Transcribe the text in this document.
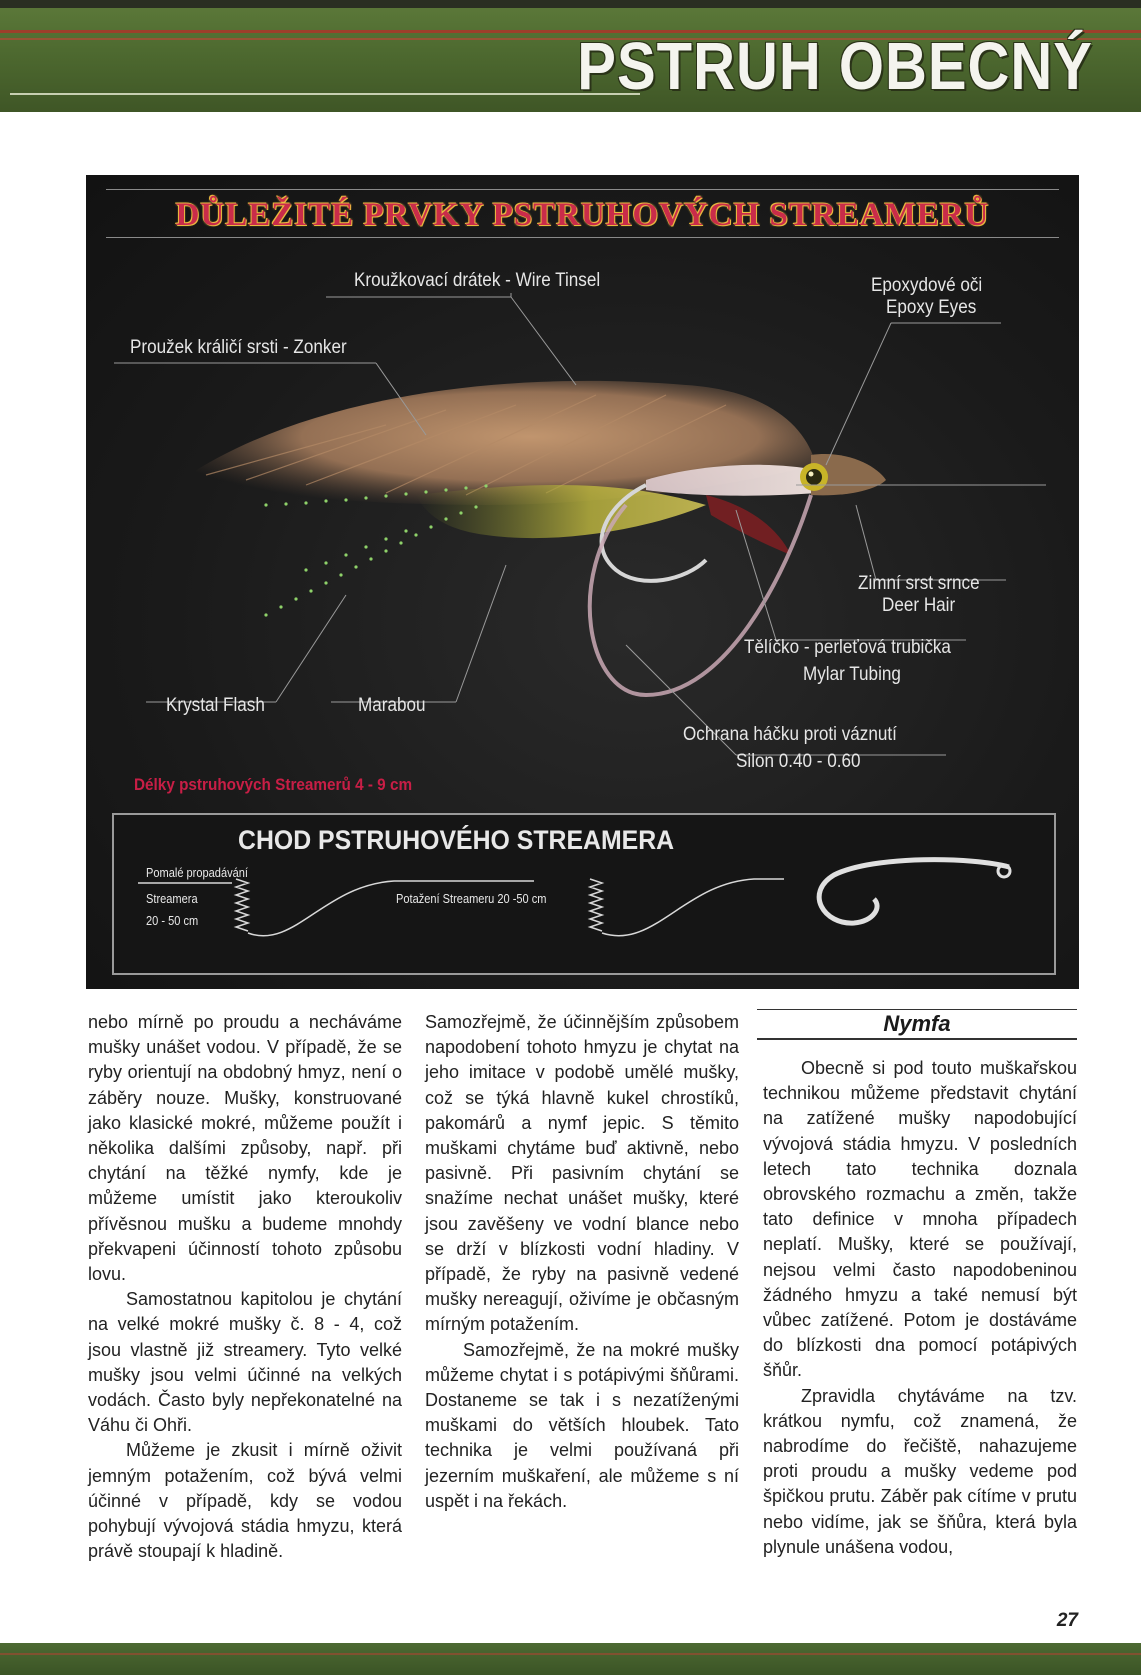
PSTRUH OBECNÝ
DŮLEŽITÉ PRVKY PSTRUHOVÝCH STREAMERŮ
Kroužkovací drátek - Wire Tinsel
Proužek králičí srsti - Zonker
Epoxydové oči
Epoxy Eyes
Zimní srst srnce
Deer Hair
Tělíčko - perleťová trubička
Mylar Tubing
Krystal Flash	Marabou
Ochrana háčku proti váznutí
Silon 0.40 - 0.60
Délky pstruhových Streamerů 4 - 9 cm
CHOD PSTRUHOVÉHO STREAMERA
Pomalé propadávání
Streamera
20 - 50 cm
Potažení Streameru 20 -50 cm

nebo mírně po proudu a necháváme mušky unášet vodou. V případě, že se ryby orientují na obdobný hmyz, není o záběry nouze. Mušky, konstruované jako klasické mokré, můžeme použít i několika dalšími způsoby, např. při chytání na těžké nymfy, kde je můžeme umístit jako kteroukoliv přívěsnou mušku a budeme mnohdy překvapeni účinností tohoto způsobu lovu.

Samostatnou kapitolou je chytání na velké mokré mušky č. 8 - 4, což jsou vlastně již streamery. Tyto velké mušky jsou velmi účinné na velkých vodách. Často byly nepřekonatelné na Váhu či Ohři.

Můžeme je zkusit i mírně oživit jemným potažením, což bývá velmi účinné v případě, kdy se vodou pohybují vývojová stádia hmyzu, která právě stoupají k hladině.

Samozřejmě, že účinnějším způsobem napodobení tohoto hmyzu je chytat na jeho imitace v podobě umělé mušky, což se týká hlavně kukel chrostíků, pakomárů a nymf jepic. S těmito muškami chytáme buď aktivně, nebo pasivně. Při pasivním chytání se snažíme nechat unášet mušky, které jsou zavěšeny ve vodní blance nebo se drží v blízkosti vodní hladiny. V případě, že ryby na pasivně vedené mušky nereagují, oživíme je občasným mírným potažením.

Samozřejmě, že na mokré mušky můžeme chytat i s potápivými šňůrami. Dostaneme se tak i s nezatíženými muškami do větších hloubek. Tato technika je velmi používaná při jezerním muškaření, ale můžeme s ní uspět i na řekách.

Nymfa

Obecně si pod touto muškařskou technikou můžeme představit chytání na zatížené mušky napodobující vývojová stádia hmyzu. V posledních letech tato technika doznala obrovského rozmachu a změn, takže tato definice v mnoha případech neplatí. Mušky, které se používají, nejsou velmi často napodobeninou žádného hmyzu a také nemusí být vůbec zatížené. Potom je dostáváme do blízkosti dna pomocí potápivých šňůr.

Zpravidla chytáváme na tzv. krátkou nymfu, což znamená, že nabrodíme do řečiště, nahazujeme proti proudu a mušky vedeme pod špičkou prutu. Záběr pak cítíme v prutu nebo vidíme, jak se šňůra, která byla plynule unášena vodou,

27
